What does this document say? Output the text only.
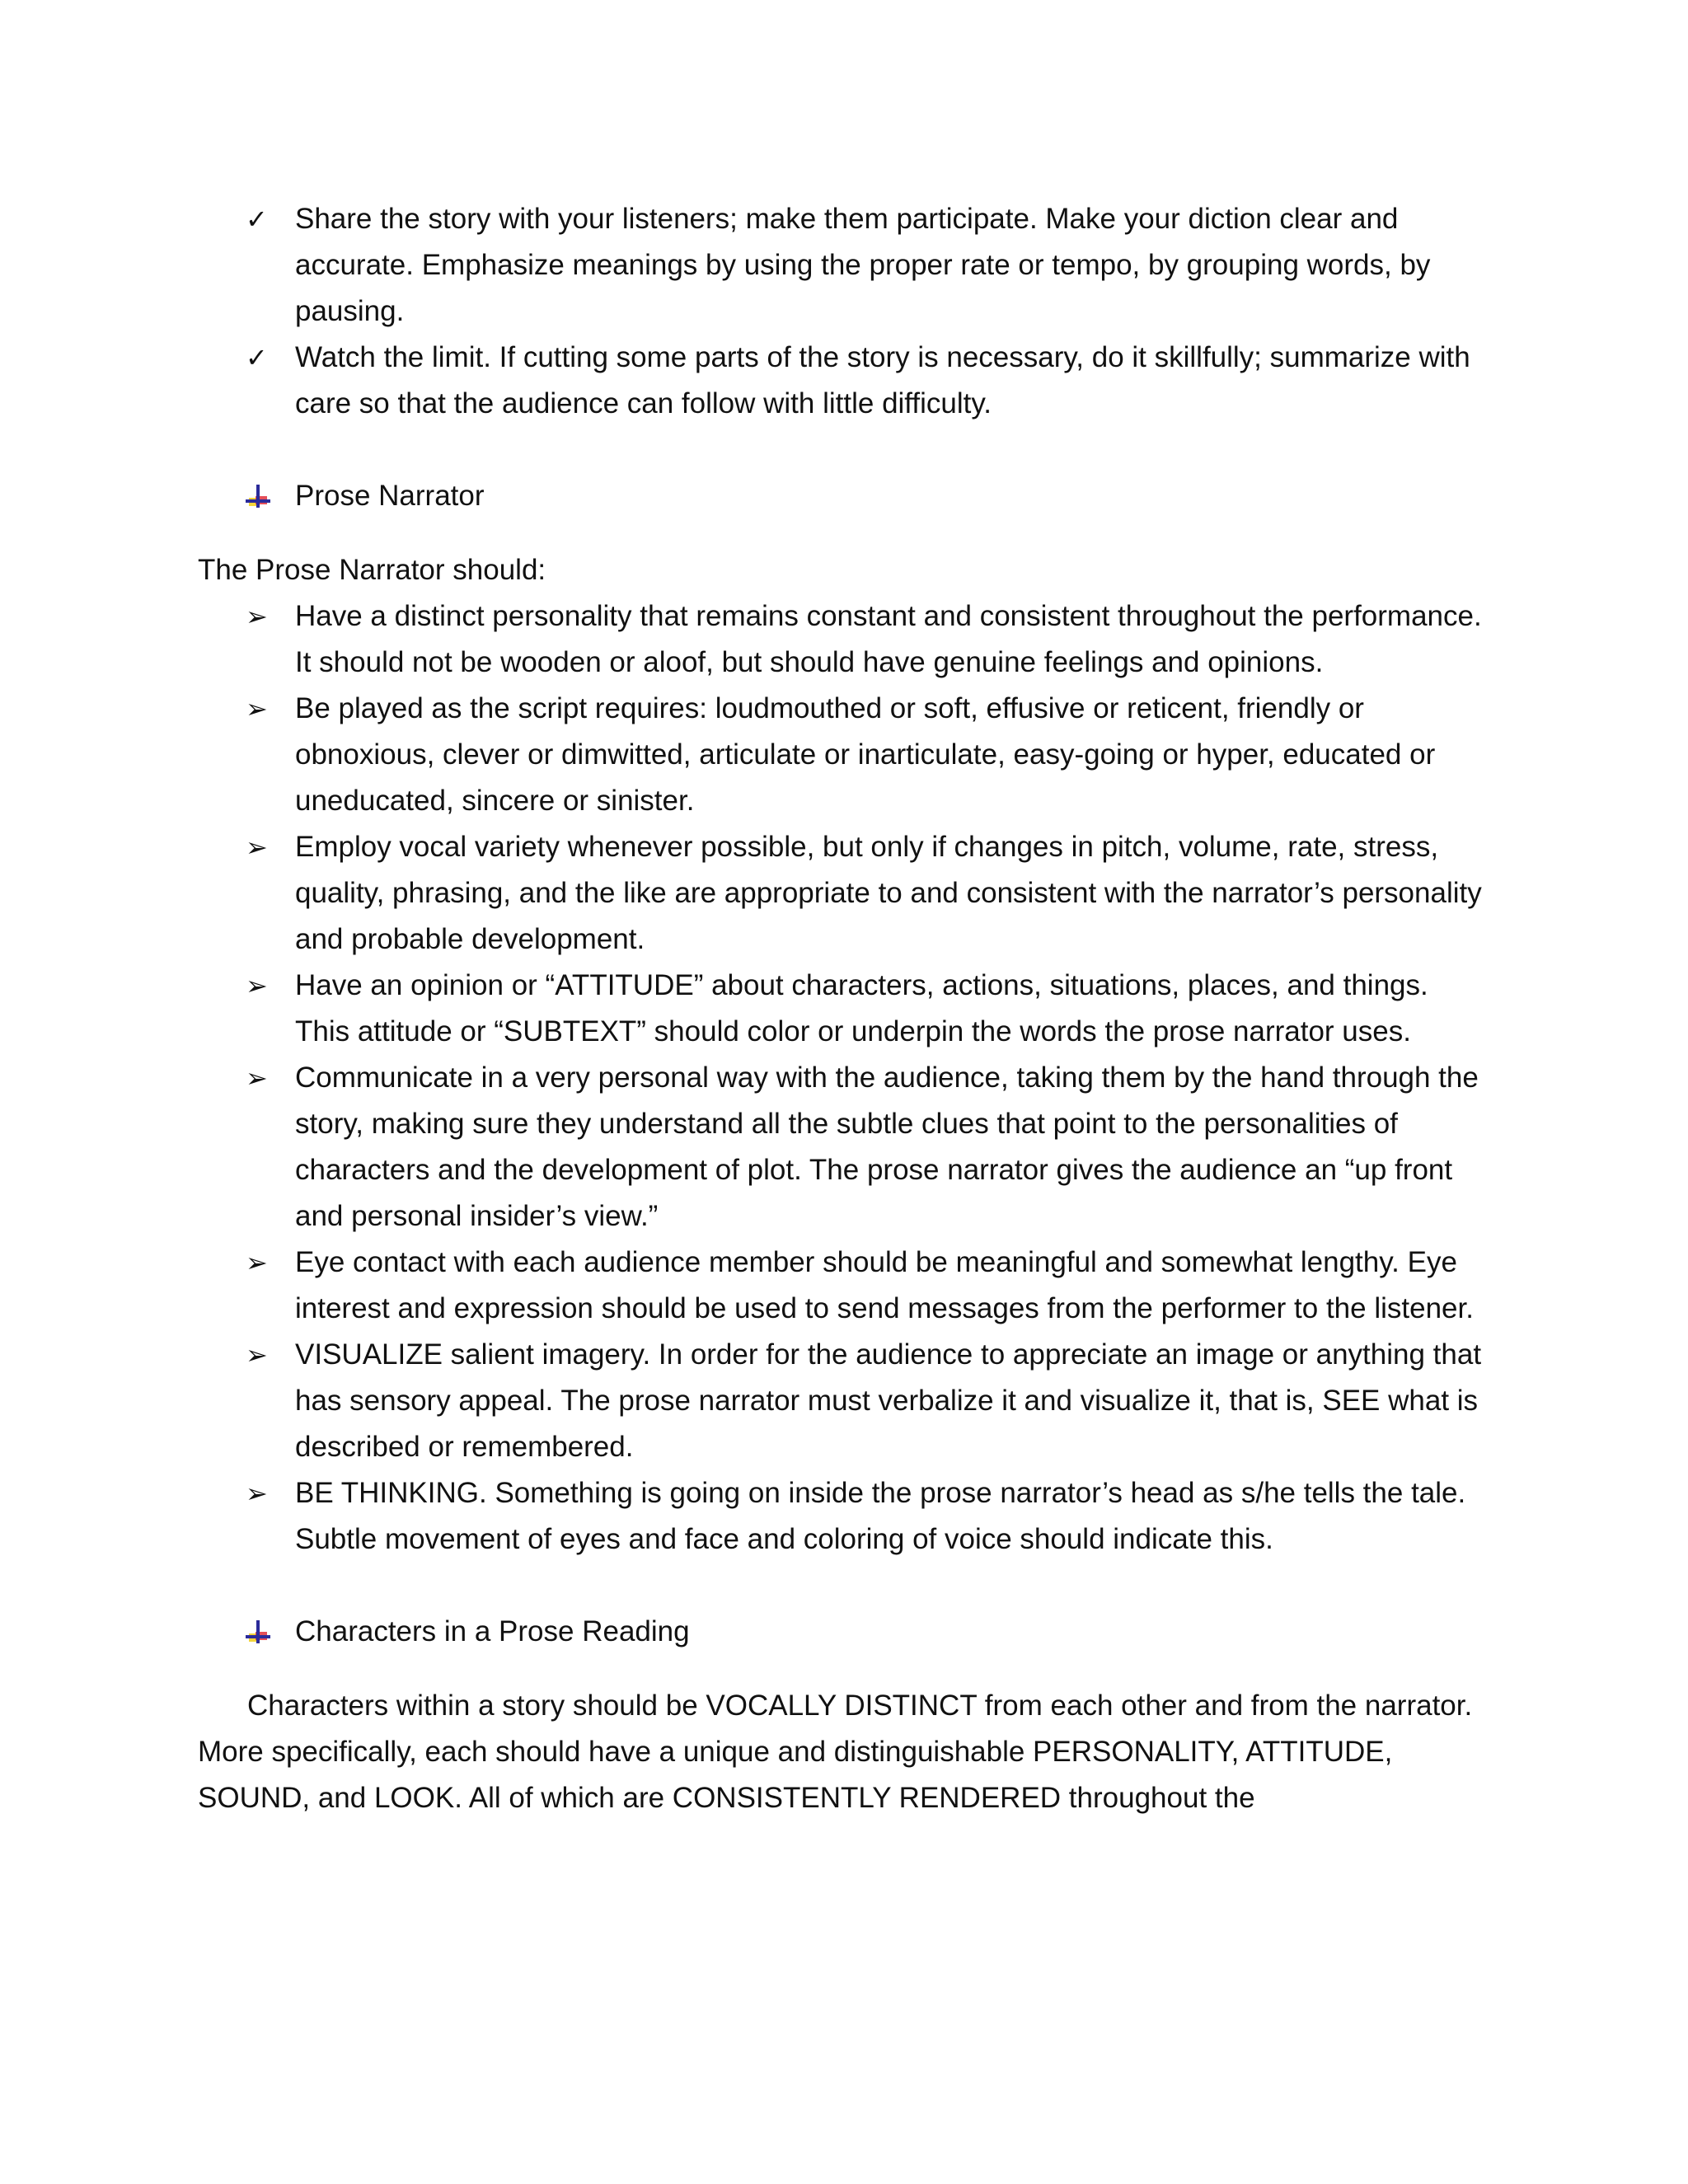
✓ Share the story with your listeners; make them participate. Make your diction clear and accurate. Emphasize meanings by using the proper rate or tempo, by grouping words, by pausing.
✓ Watch the limit. If cutting some parts of the story is necessary, do it skillfully; summarize with care so that the audience can follow with little difficulty.
Prose Narrator
The Prose Narrator should:
➢ Have a distinct personality that remains constant and consistent throughout the performance. It should not be wooden or aloof, but should have genuine feelings and opinions.
➢ Be played as the script requires: loudmouthed or soft, effusive or reticent, friendly or obnoxious, clever or dimwitted, articulate or inarticulate, easy-going or hyper, educated or uneducated, sincere or sinister.
➢ Employ vocal variety whenever possible, but only if changes in pitch, volume, rate, stress, quality, phrasing, and the like are appropriate to and consistent with the narrator’s personality and probable development.
➢ Have an opinion or “ATTITUDE” about characters, actions, situations, places, and things. This attitude or “SUBTEXT” should color or underpin the words the prose narrator uses.
➢ Communicate in a very personal way with the audience, taking them by the hand through the story, making sure they understand all the subtle clues that point to the personalities of characters and the development of plot. The prose narrator gives the audience an “up front and personal insider’s view.”
➢ Eye contact with each audience member should be meaningful and somewhat lengthy. Eye interest and expression should be used to send messages from the performer to the listener.
➢ VISUALIZE salient imagery. In order for the audience to appreciate an image or anything that has sensory appeal. The prose narrator must verbalize it and visualize it, that is, SEE what is described or remembered.
➢ BE THINKING. Something is going on inside the prose narrator’s head as s/he tells the tale. Subtle movement of eyes and face and coloring of voice should indicate this.
Characters in a Prose Reading
Characters within a story should be VOCALLY DISTINCT from each other and from the narrator. More specifically, each should have a unique and distinguishable PERSONALITY, ATTITUDE, SOUND, and LOOK. All of which are CONSISTENTLY RENDERED throughout the
